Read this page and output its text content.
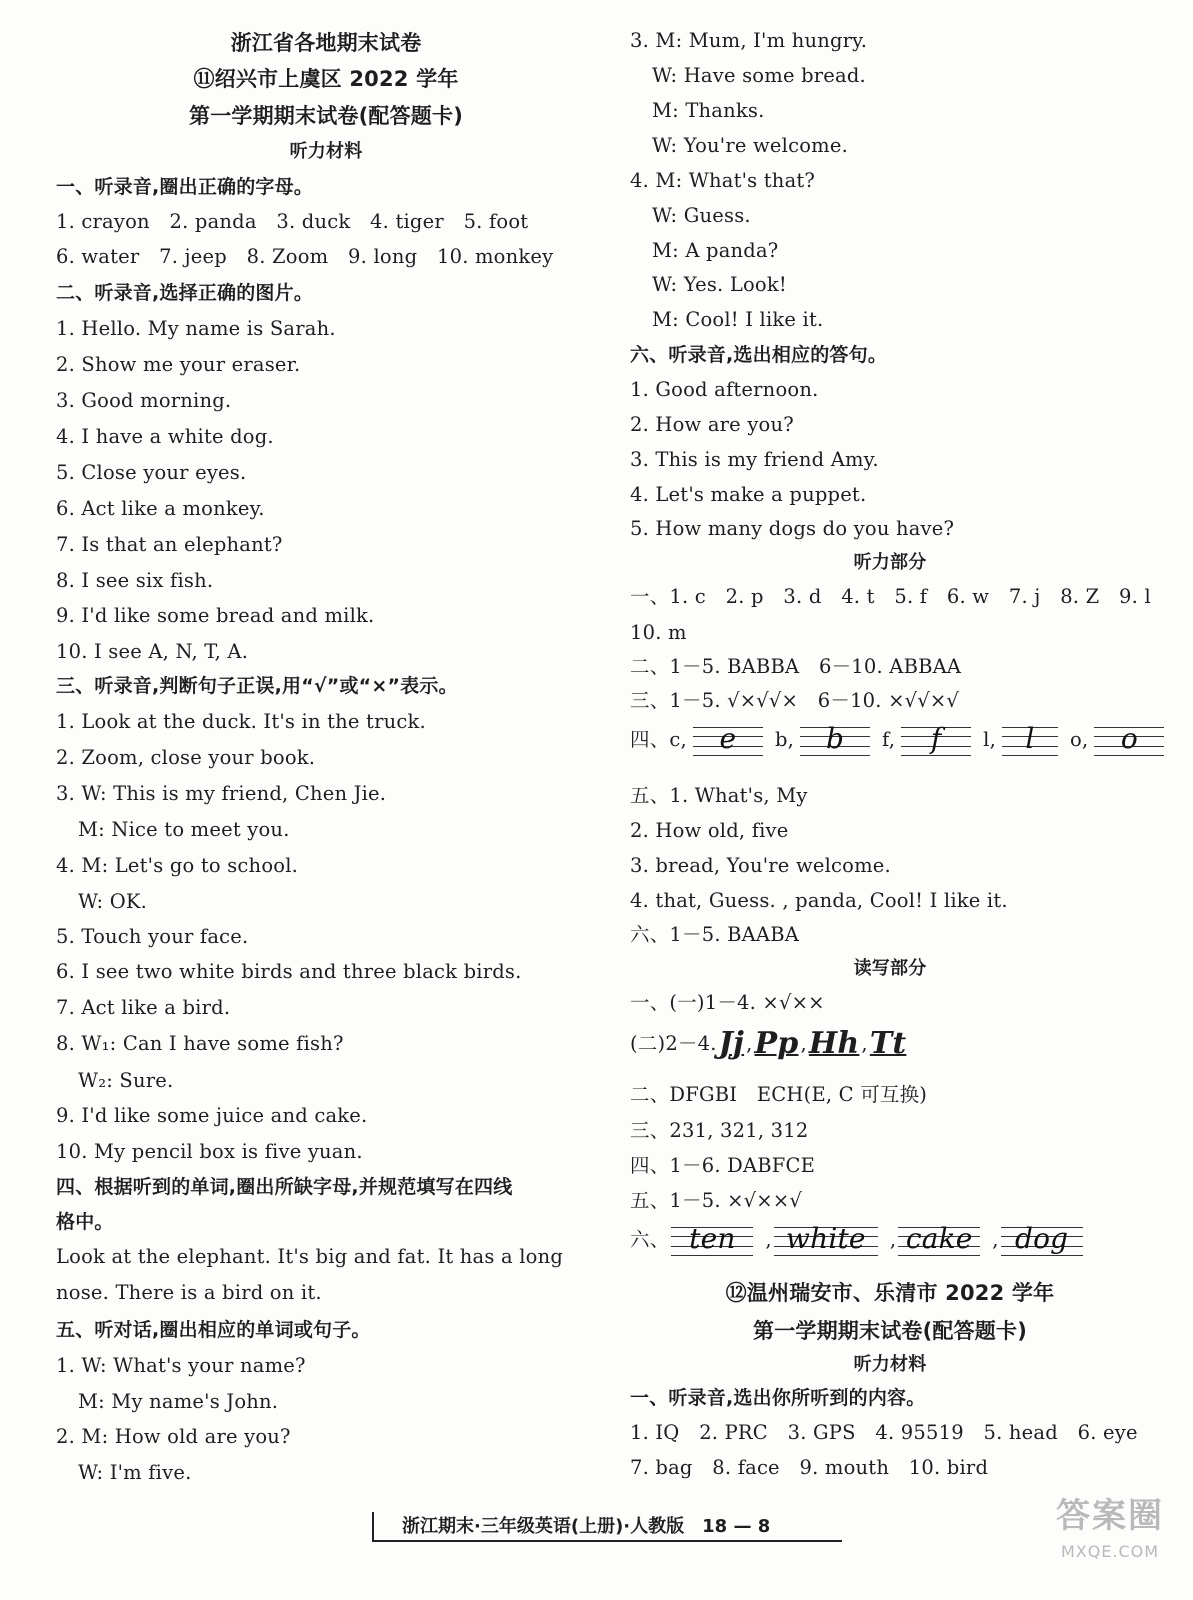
浙江省各地期末试卷
⑪绍兴市上虞区 2022 学年
第一学期期末试卷(配答题卡)
听力材料
一、听录音,圈出正确的字母。
1. crayon　2. panda　3. duck　4. tiger　5. foot
6. water　7. jeep　8. Zoom　9. long　10. monkey
二、听录音,选择正确的图片。
1. Hello. My name is Sarah.
2. Show me your eraser.
3. Good morning.
4. I have a white dog.
5. Close your eyes.
6. Act like a monkey.
7. Is that an elephant?
8. I see six fish.
9. I'd like some bread and milk.
10. I see A, N, T, A.
三、听录音,判断句子正误,用“√”或“×”表示。
1. Look at the duck. It's in the truck.
2. Zoom, close your book.
3. W: This is my friend, Chen Jie.
M: Nice to meet you.
4. M: Let's go to school.
W: OK.
5. Touch your face.
6. I see two white birds and three black birds.
7. Act like a bird.
8. W₁: Can I have some fish?
W₂: Sure.
9. I'd like some juice and cake.
10. My pencil box is five yuan.
四、根据听到的单词,圈出所缺字母,并规范填写在四线
格中。
Look at the elephant. It's big and fat. It has a long
nose. There is a bird on it.
五、听对话,圈出相应的单词或句子。
1. W: What's your name?
M: My name's John.
2. M: How old are you?
W: I'm five.
3. M: Mum, I'm hungry.
W: Have some bread.
M: Thanks.
W: You're welcome.
4. M: What's that?
W: Guess.
M: A panda?
W: Yes. Look!
M: Cool! I like it.
六、听录音,选出相应的答句。
1. Good afternoon.
2. How are you?
3. This is my friend Amy.
4. Let's make a puppet.
5. How many dogs do you have?
听力部分
一、1. c　2. p　3. d　4. t　5. f　6. w　7. j　8. Z　9. l
10. m
二、1－5. BABBA　6－10. ABBAA
三、1－5. √×√√×　6－10. ×√√×√
四、 c,	e	b,	b	f,	f	l,	l	o,	o
五、1. What's, My
2. How old, five
3. bread, You're welcome.
4. that, Guess. , panda, Cool! I like it.
六、1－5. BAABA
读写部分
一、(一)1－4. ×√××
(二)2－4. Jj , Pp , Hh , Tt
二、DFGBI　ECH(E, C 可互换)
三、231, 321, 312
四、1－6. DABFCE
五、1－5. ×√××√
六、 ten	, white	, cake	, dog
⑫温州瑞安市、乐清市 2022 学年
第一学期期末试卷(配答题卡)
听力材料
一、听录音,选出你所听到的内容。
1. IQ　2. PRC　3. GPS　4. 95519　5. head　6. eye
7. bag　8. face　9. mouth　10. bird
浙江期末·三年级英语(上册)·人教版　18 — 8	答案圈
MXQE.COM
